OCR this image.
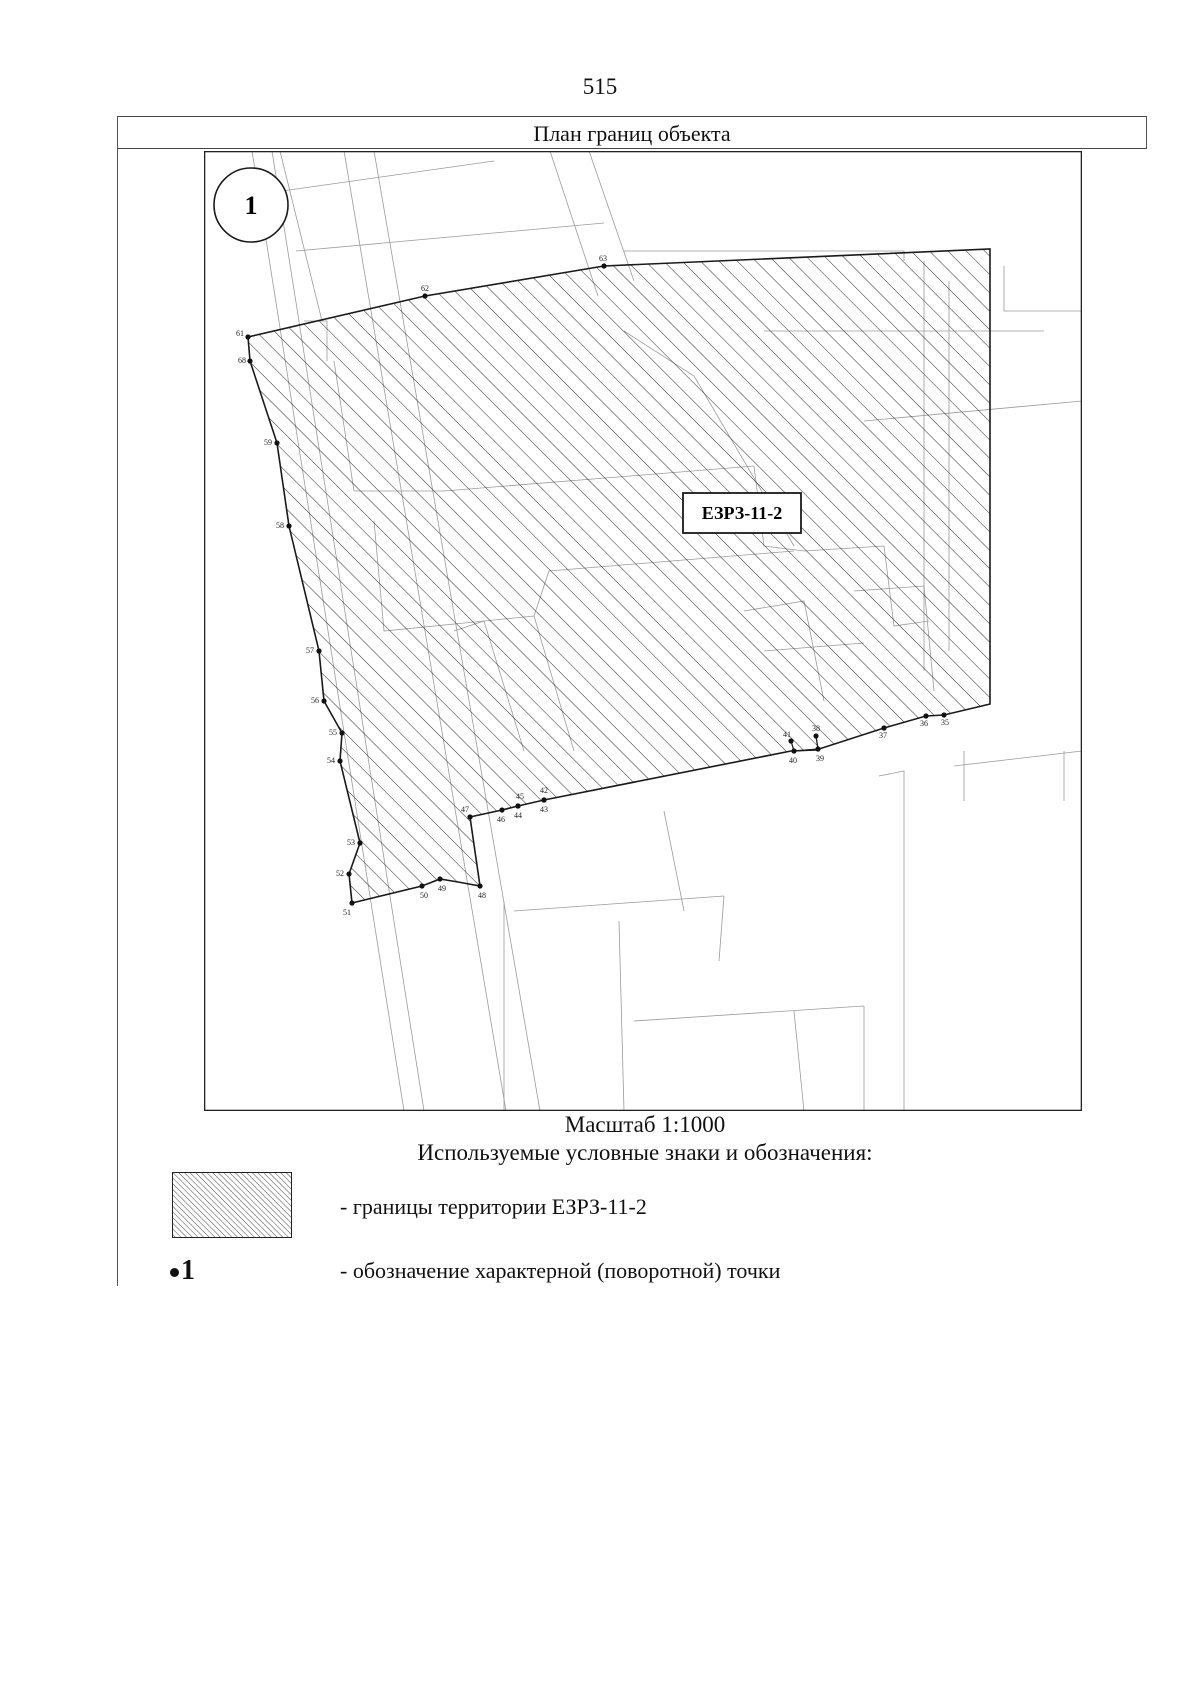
515
План границ объекта
1
ЕЗРЗ-11-2
61
68
59
58
57
56
55
54
53
52
51
50
49
48
47
46 44
45
43
42
41
40 39
38
37
36 35
63
62
Масштаб 1:1000
Используемые условные знаки и обозначения:
- границы территории ЕЗРЗ-11-2
1	- обозначение характерной (поворотной) точки
